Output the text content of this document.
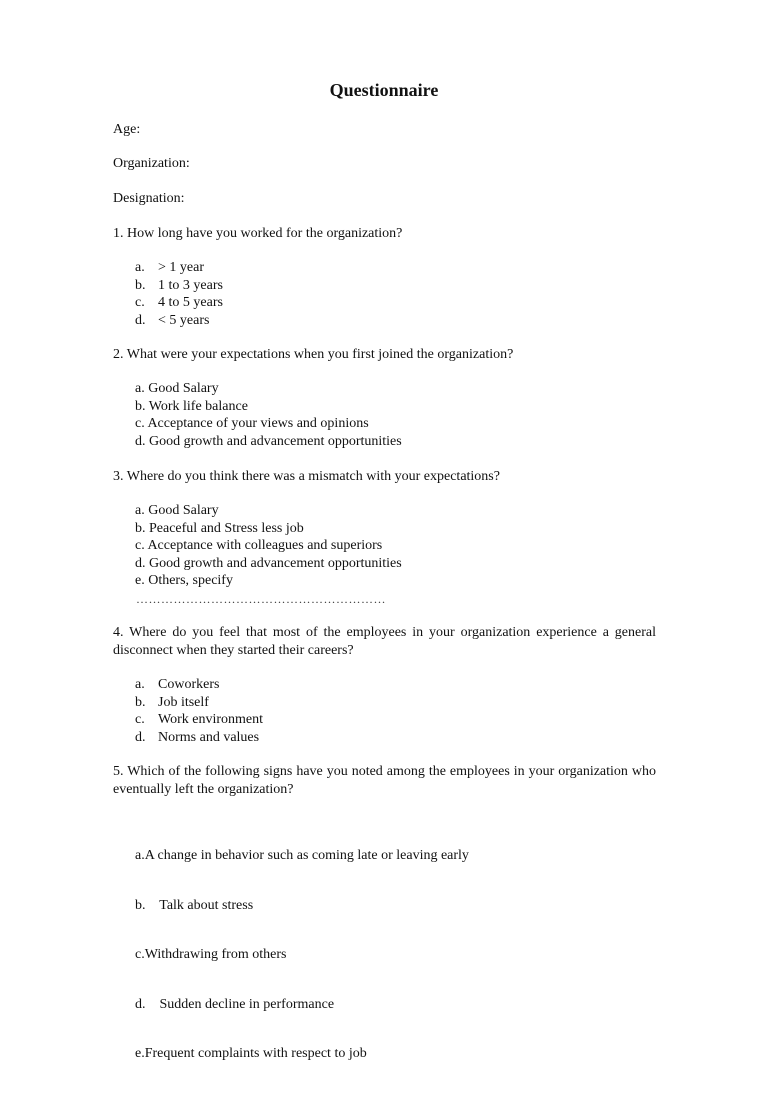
Questionnaire

Age:

Organization:

Designation:

1. How long have you worked for the organization?

a. > 1 year
b. 1 to 3 years
c. 4 to 5 years
d. < 5 years

2. What were your expectations when you first joined the organization?

a. Good Salary
b. Work life balance
c. Acceptance of your views and opinions
d. Good growth and advancement opportunities

3. Where do you think there was a mismatch with your expectations?

a. Good Salary
b. Peaceful and Stress less job
c. Acceptance with colleagues and superiors
d. Good growth and advancement opportunities
e. Others, specify

……………………………………………………

4. Where do you feel that most of the employees in your organization experience a general disconnect when they started their careers?

a. Coworkers
b. Job itself
c. Work environment
d. Norms and values

5. Which of the following signs have you noted among the employees in your organization who eventually left the organization?

a.A change in behavior such as coming late or leaving early

b.    Talk about stress

c.Withdrawing from others

d.    Sudden decline in performance

e.Frequent complaints with respect to job
